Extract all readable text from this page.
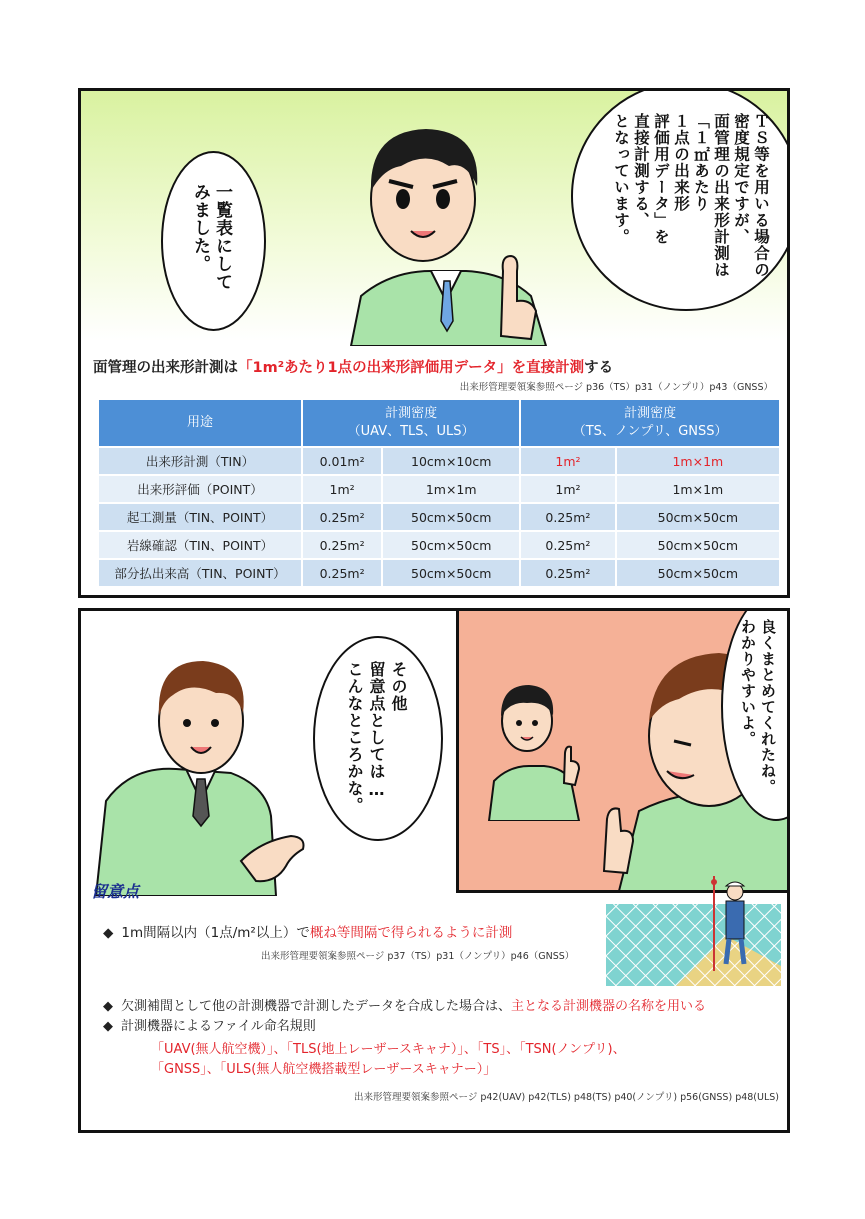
ＴＳ等を用いる場合の
密度規定ですが、
面管理の出来形計測は
「１㎡あたり
１点の出来形
評価用データ」を
直接計測する、
となっています。
一覧表にして
みました。
面管理の出来形計測は「1m²あたり1点の出来形評価用データ」を直接計測する
出来形管理要領案参照ページ p36（TS）p31（ノンプリ）p43（GNSS）
用途	計測密度
（UAV、TLS、ULS）		計測密度
（TS、ノンプリ、GNSS）	
出来形計測（TIN）	0.01m²	10cm×10cm	1m²	1m×1m
出来形評価（POINT）	1m²	1m×1m	1m²	1m×1m
起工測量（TIN、POINT）	0.25m²	50cm×50cm	0.25m²	50cm×50cm
岩線確認（TIN、POINT）	0.25m²	50cm×50cm	0.25m²	50cm×50cm
部分払出来高（TIN、POINT）	0.25m²	50cm×50cm	0.25m²	50cm×50cm
良くまとめてくれたね。
わかりやすいよ。
その他
留意点としては…
こんなところかな。
留意点
◆ 1m間隔以内（1点/m²以上）で概ね等間隔で得られるように計測
出来形管理要領案参照ページ p37（TS）p31（ノンプリ）p46（GNSS）
◆ 欠測補間として他の計測機器で計測したデータを合成した場合は、主となる計測機器の名称を用いる
◆ 計測機器によるファイル命名規則
「UAV(無人航空機）」、「TLS(地上レーザースキャナ）」、「TS」、「TSN(ノンプリ)、
「GNSS」、「ULS(無人航空機搭載型レーザースキャナー）」
出来形管理要領案参照ページ p42(UAV) p42(TLS) p48(TS) p40(ノンプリ) p56(GNSS) p48(ULS)
